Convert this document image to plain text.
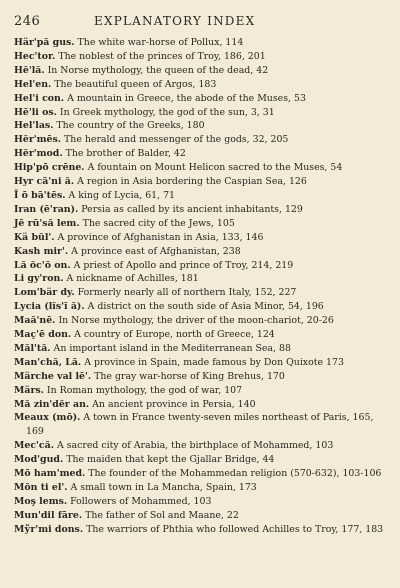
246	EXPLANATORY INDEX
Här'pă gus. The white war-horse of Pollux, 114
Hec'tor. The noblest of the princes of Troy, 186, 201
Hĕ'lă. In Norse mythology, the queen of the dead, 42
Hel'en. The beautiful queen of Argos, 183
Hel'i con. A mountain in Greece, the abode of the Muses, 53
Hē'li os. In Greek mythology, the god of the sun, 3, 31
Hel'las. The country of the Greeks, 180
Hĕr'mēs. The herald and messenger of the gods, 32, 205
Hĕr'mod. The brother of Balder, 42
Hip'pō crēne. A fountain on Mount Helicon sacred to the Muses, 54
Hyr cā'ni ă. A region in Asia bordering the Caspian Sea, 126
Ī ō bā'tēs. A king of Lycia, 61, 71
Iran (ē'ran). Persia as called by its ancient inhabitants, 129
Jē rū'să lem. The sacred city of the Jews, 105
Kä bŭl'. A province of Afghanistan in Asia, 133, 146
Kash mir'. A province east of Afghanistan, 238
Lă ŏc'ŏ on. A priest of Apollo and prince of Troy, 214, 219
Li gy'ron. A nickname of Achilles, 181
Lom'bär dy. Formerly nearly all of northern Italy, 152, 227
Lycia (lĭs'ĭ ă). A district on the south side of Asia Minor, 54, 196
Maă'nē. In Norse mythology, the driver of the moon-chariot, 20-26
Maç'ē don. A country of Europe, north of Greece, 124
Măl'tă. An important island in the Mediterranean Sea, 88
Man'chă, Lă. A province in Spain, made famous by Don Quixote 173
Märche val lē'. The gray war-horse of King Brehus, 170
Märs. In Roman mythology, the god of war, 107
Mă zin'dĕr an. An ancient province in Persia, 140
Meaux (mō). A town in France twenty-seven miles northeast of Paris, 165, 169
Mec'că. A sacred city of Arabia, the birthplace of Mohammed, 103
Mod'gud. The maiden that kept the Gjallar Bridge, 44
Mō ham'med. The founder of the Mohammedan religion (570-632), 103-106
Mŏn ti el'. A small town in La Mancha, Spain, 173
Moş lems. Followers of Mohammed, 103
Mun'dil fāre. The father of Sol and Maane, 22
Mўr'mi dons. The warriors of Phthia who followed Achilles to Troy, 177, 183
